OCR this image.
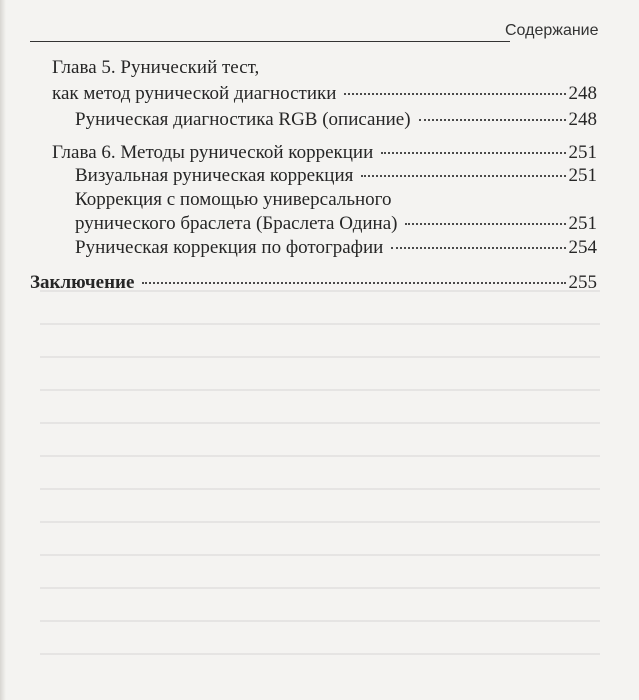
Содержание
Глава 5. Рунический тест,
как метод рунической диагностики	248
Руническая диагностика RGB (описание)	248
Глава 6. Методы рунической коррекции	251
Визуальная руническая коррекция	251
Коррекция с помощью универсального
рунического браслета (Браслета Одина)	251
Руническая коррекция по фотографии	254
Заключение	255
